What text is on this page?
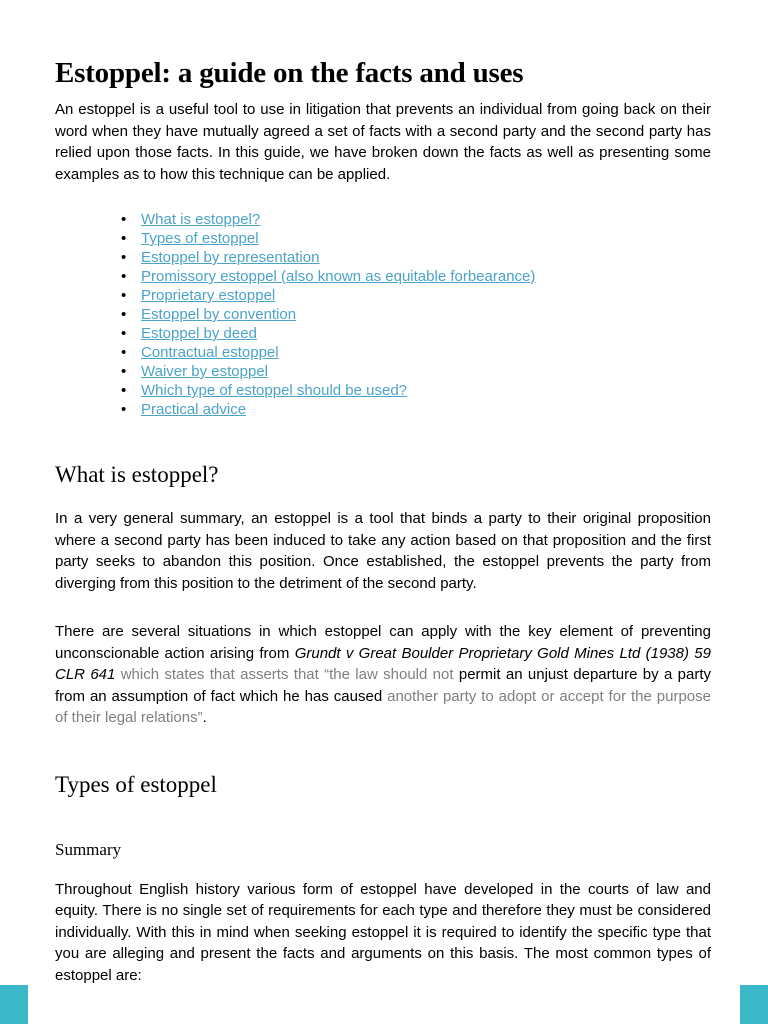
Estoppel: a guide on the facts and uses

An estoppel is a useful tool to use in litigation that prevents an individual from going back on their word when they have mutually agreed a set of facts with a second party and the second party has relied upon those facts. In this guide, we have broken down the facts as well as presenting some examples as to how this technique can be applied.

• What is estoppel?
• Types of estoppel
• Estoppel by representation
• Promissory estoppel (also known as equitable forbearance)
• Proprietary estoppel
• Estoppel by convention
• Estoppel by deed
• Contractual estoppel
• Waiver by estoppel
• Which type of estoppel should be used?
• Practical advice
What is estoppel?

In a very general summary, an estoppel is a tool that binds a party to their original proposition where a second party has been induced to take any action based on that proposition and the first party seeks to abandon this position. Once established, the estoppel prevents the party from diverging from this position to the detriment of the second party.

There are several situations in which estoppel can apply with the key element of preventing unconscionable action arising from Grundt v Great Boulder Proprietary Gold Mines Ltd (1938) 59 CLR 641 which states that asserts that “the law should not permit an unjust departure by a party from an assumption of fact which he has caused another party to adopt or accept for the purpose of their legal relations”.

Types of estoppel
Summary

Throughout English history various form of estoppel have developed in the courts of law and equity. There is no single set of requirements for each type and therefore they must be considered individually. With this in mind when seeking estoppel it is required to identify the specific type that you are alleging and present the facts and arguments on this basis. The most common types of estoppel are:
